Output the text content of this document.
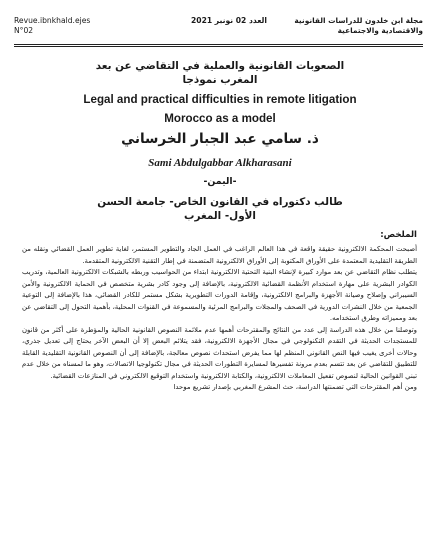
مجلة ابن خلدون للدراسات القانونية
والاقتصادية والاجتماعية
العدد 02 نونبر 2021
Revue.ibnkhald.ejes
N°02
الصعوبات القانونية والعملية في التقاضي عن بعد
المغرب نموذجا
Legal and practical difficulties in remote litigation
Morocco as a model
ذ. سامي عبد الجبار الخرساني
Sami Abdulgabbar Alkharasani
-اليمن-
طالب دكتوراه في القانون الخاص- جامعة الحسن الأول- المغرب
الملخص:

أصبحت المحكمة الالكترونية حقيقة واقعة في هذا العالم الراغب في العمل الجاد والتطوير المستمر، لغاية تطوير العمل القضائي ونقله من الطريقة التقليدية المعتمدة على الأوراق المكتوبة إلى الأوراق الالكترونية المتضمنة في إطار التقنية الالكترونية المتقدمة.

يتطلب نظام التقاضي عن بعد موارد كبيرة لإنشاء البنية التحتية الالكترونية ابتداء من الحواسيب وربطه بالشبكات الالكترونية العالمية، وتدريب الكوادر البشرية على مهارة استخدام الأنظمة القضائية الالكترونية، بالإضافة إلى وجود كادر بشرية متخصص في الحماية الالكترونية والأمن السيبراني وإصلاح وصيانة الأجهزة والبرامج الالكترونية، وإقامة الدورات التطويرية بشكل مستمر للكادر القضائي، هذا بالإضافة إلى التوعية الجمعية من خلال النشرات الدورية في الصحف والمجلات والبرامج المرئية والمسموعة في القنوات المحلية، بأهمية التحول إلى التقاضي عن بعد ومميزاته وطرق استخدامه.

وتوصلنا من خلال هذه الدراسة إلى عدد من النتائج والمقترحات أهمها عدم ملائمة النصوص القانونية الحالية والمؤطرة على أكثر من قانون للمستجدات الحديثة في التقدم التكنولوجي في مجال الأجهزة الالكترونية، فقد يتلائم البعض إلا أن البعض الآخر يحتاج إلى تعديل جذري، وحالات أخرى يغيب فيها النص القانوني المنظم لها مما يفرض استحداث نصوص معالجة، بالإضافة إلى أن النصوص القانونية التقليدية القابلة للتطبيق للتقاضي عن بعد تتسم بعدم مرونة تفسيرها لمسايرة التطورات الحديثة في مجال تكنولوجيا الاتصالات، وهو ما لمسناه من خلال عدم تبني القوانين الحالية لنصوص تفعيل المعاملات الالكترونية، والكتابة الالكترونية واستخدام التوقيع الالكتروني في المنازعات القضائية.

ومن أهم المقترحات التي تضمنتها الدراسة، حث المشرع المغربي بإصدار تشريع موحدا
